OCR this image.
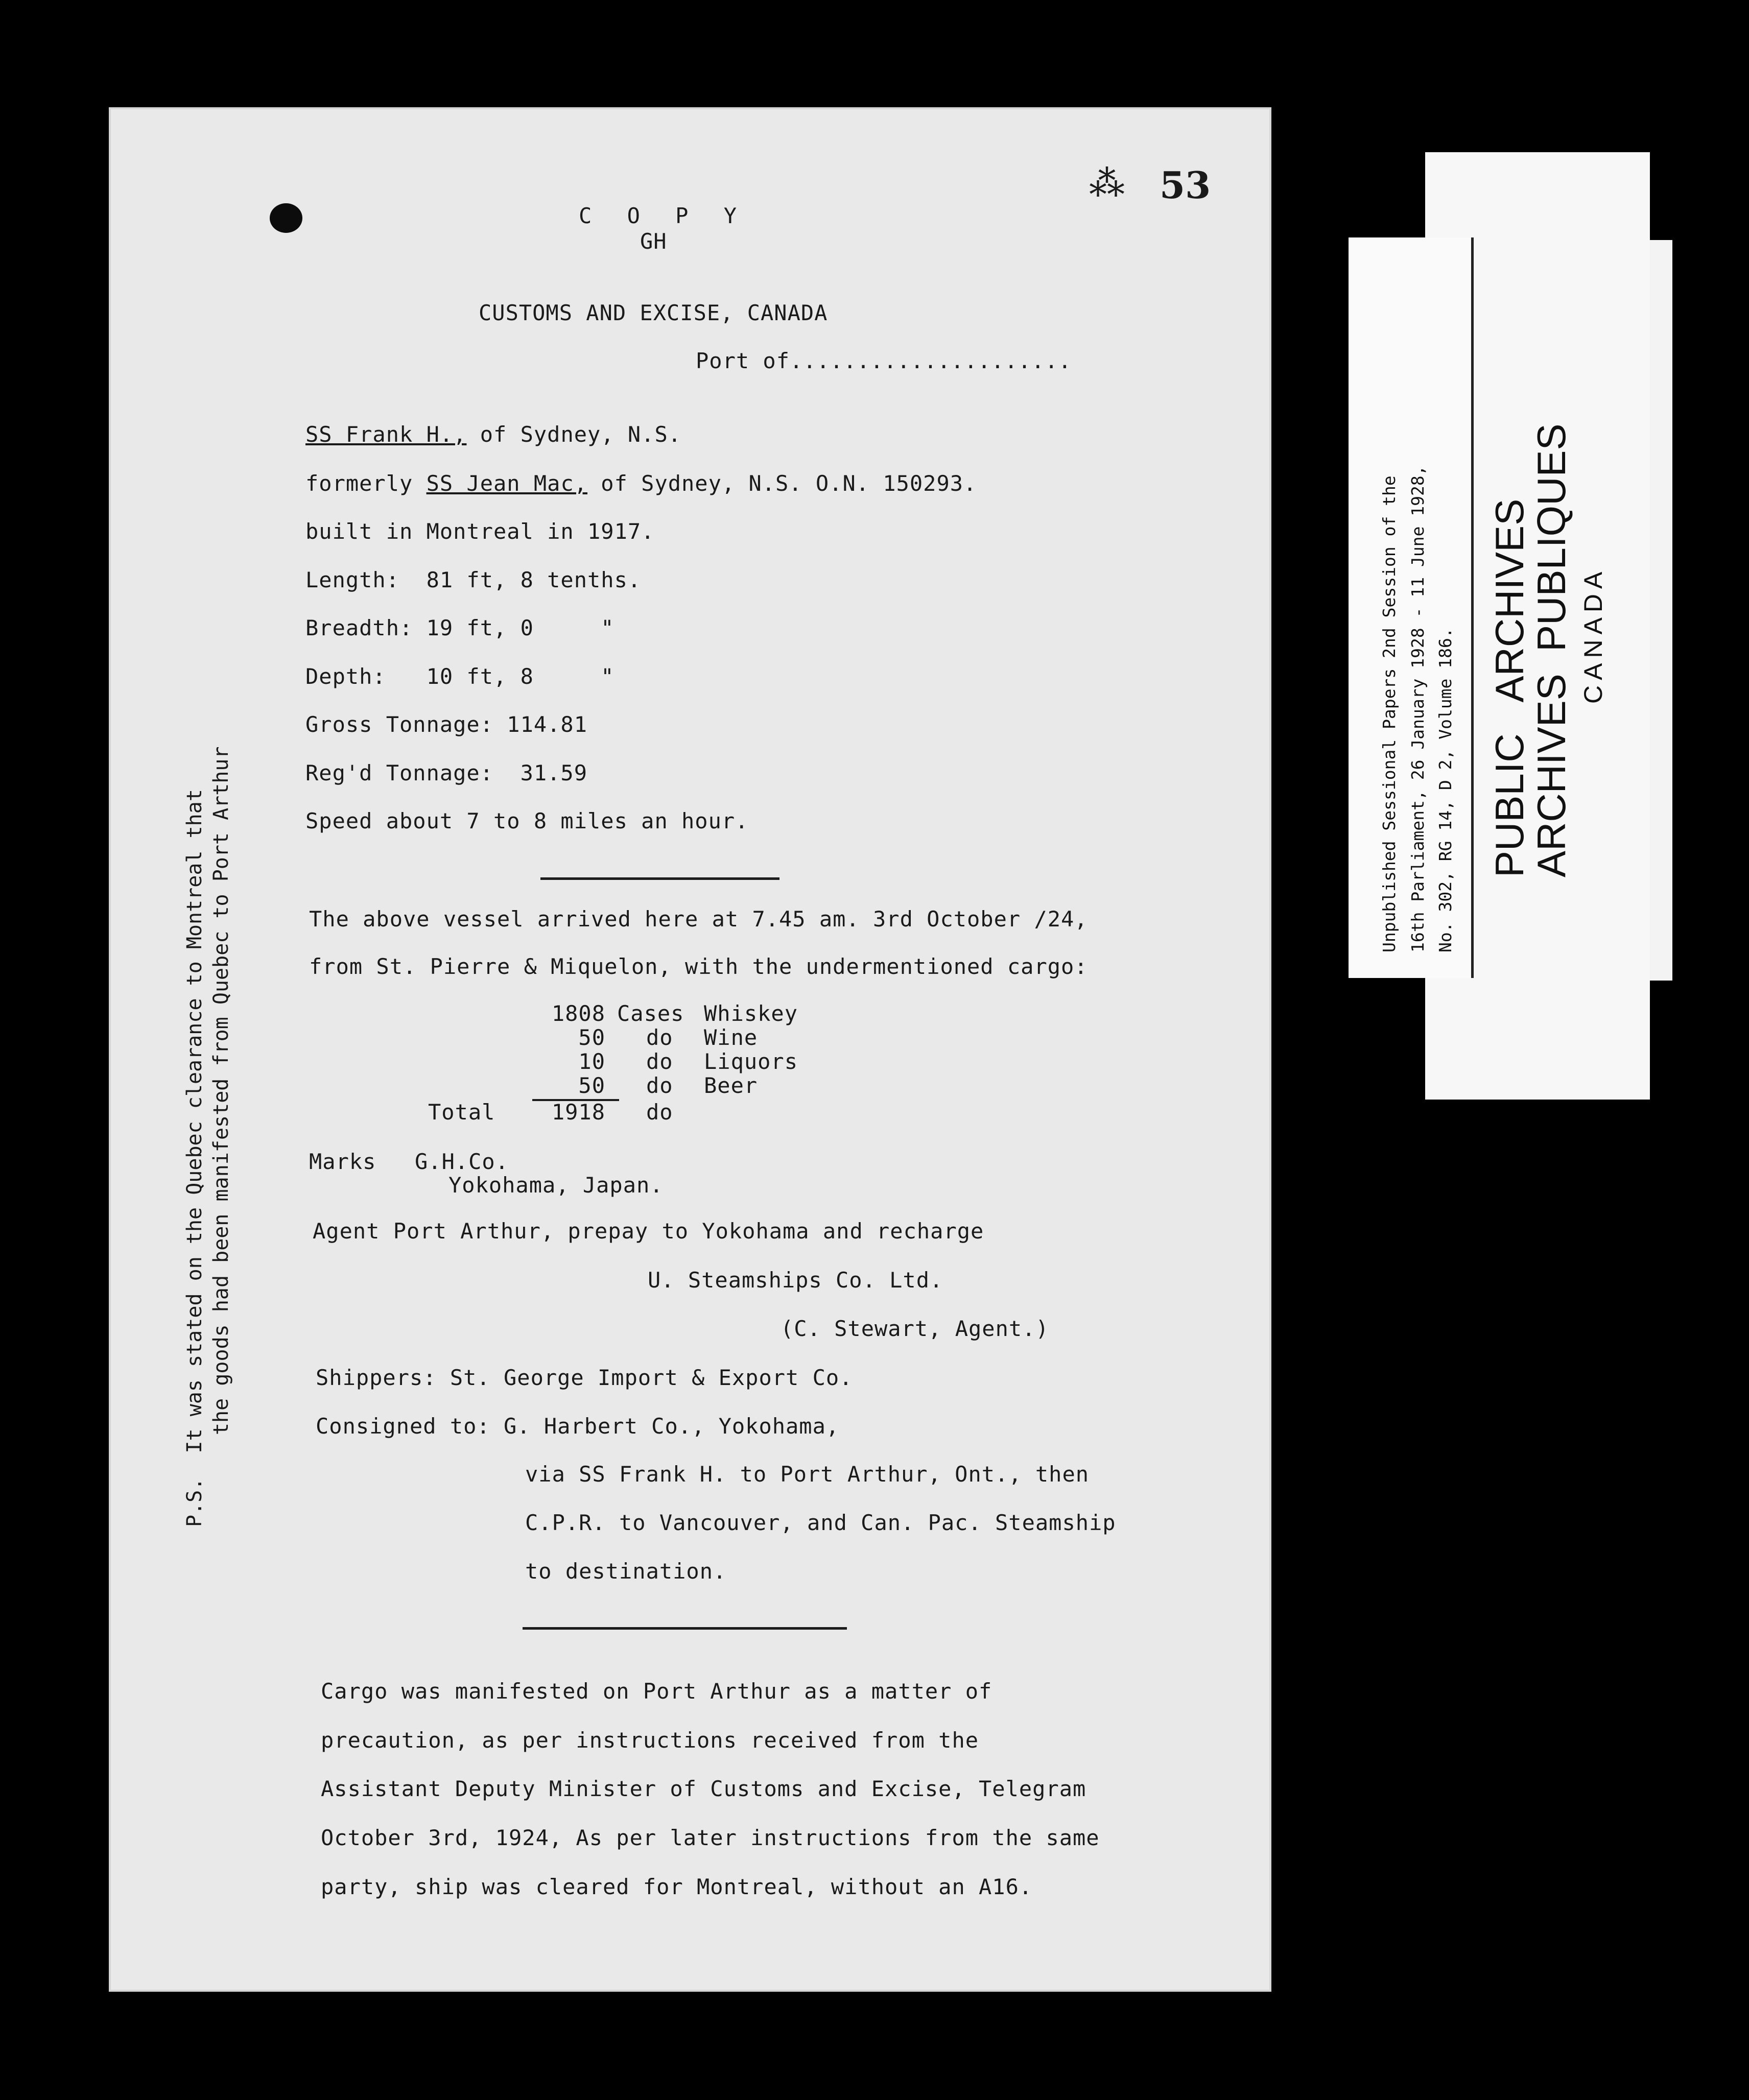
⁂ 53
C O P Y
GH
CUSTOMS AND EXCISE, CANADA
Port of.....................
SS Frank H., of Sydney, N.S.
formerly SS Jean Mac, of Sydney, N.S. O.N. 150293.
built in Montreal in 1917.
Length:  81 ft, 8 tenths.
Breadth: 19 ft, 0     "
Depth:   10 ft, 8     "
Gross Tonnage: 114.81
Reg'd Tonnage:  31.59
Speed about 7 to 8 miles an hour.
The above vessel arrived here at 7.45 am. 3rd October /24,
from St. Pierre & Miquelon, with the undermentioned cargo:
1808 Cases Whiskey
50 do Wine
10 do Liquors
50 do Beer
Total	1918 do
Marks G.H.Co.
Yokohama, Japan.
Agent Port Arthur, prepay to Yokohama and recharge
U. Steamships Co. Ltd.
(C. Stewart, Agent.)
Shippers: St. George Import & Export Co.
Consigned to: G. Harbert Co., Yokohama,
via SS Frank H. to Port Arthur, Ont., then
C.P.R. to Vancouver, and Can. Pac. Steamship
to destination.
Cargo was manifested on Port Arthur as a matter of
precaution, as per instructions received from the
Assistant Deputy Minister of Customs and Excise, Telegram
October 3rd, 1924, As per later instructions from the same
party, ship was cleared for Montreal, without an A16.
P.S.  It was stated on the Quebec clearance to Montreal that the goods had been manifested from Quebec to Port Arthur
Unpublished Sessional Papers 2nd Session of the 16th Parliament, 26 January 1928 - 11 June 1928, No. 302, RG 14, D 2, Volume 186. PUBLIC   ARCHIVES
ARCHIVES  PUBLIQUES CANADA
